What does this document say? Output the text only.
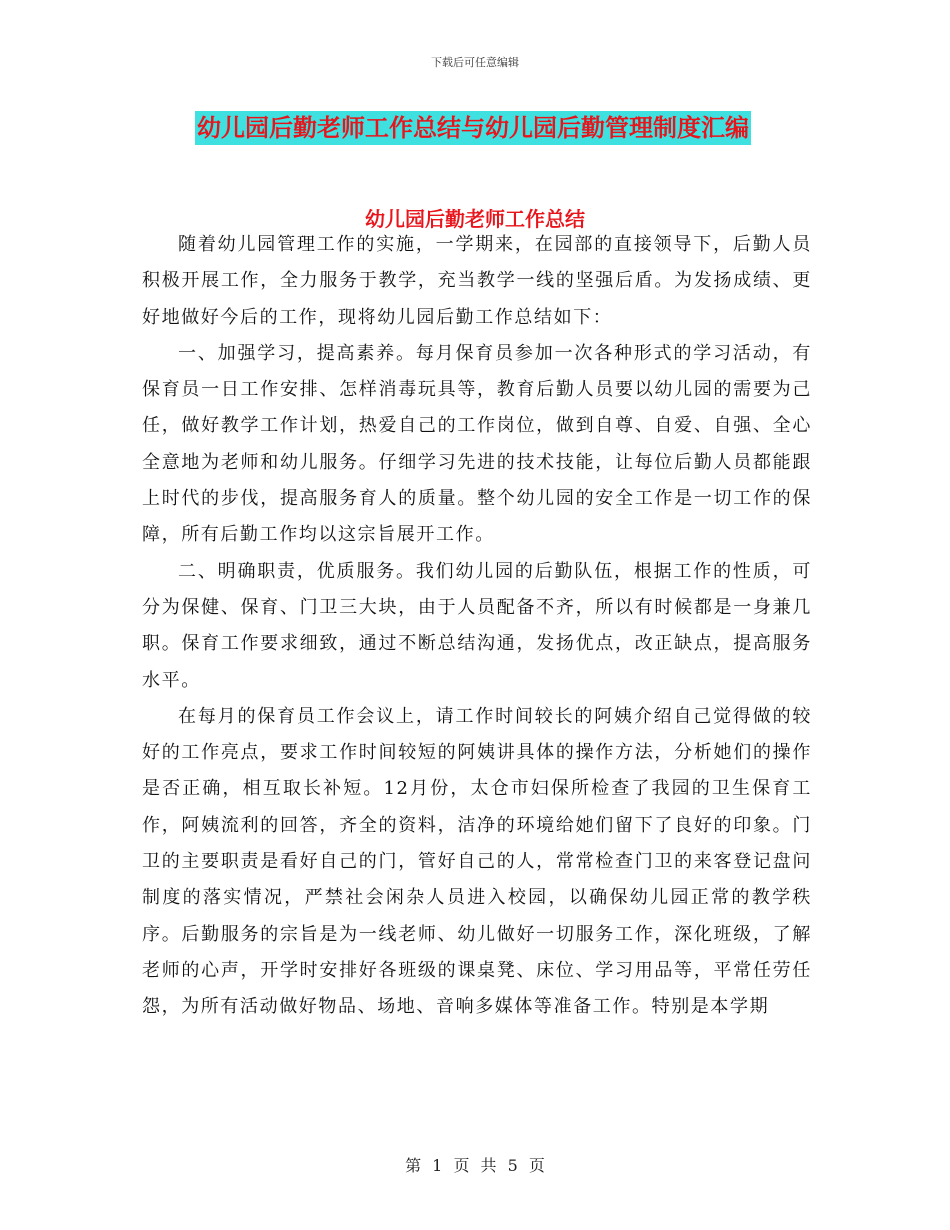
下载后可任意编辑
幼儿园后勤老师工作总结与幼儿园后勤管理制度汇编
幼儿园后勤老师工作总结

随着幼儿园管理工作的实施，一学期来，在园部的直接领导下，后勤人员积极开展工作，全力服务于教学，充当教学一线的坚强后盾。为发扬成绩、更好地做好今后的工作，现将幼儿园后勤工作总结如下：

一、加强学习，提高素养。每月保育员参加一次各种形式的学习活动，有保育员一日工作安排、怎样消毒玩具等，教育后勤人员要以幼儿园的需要为己任，做好教学工作计划，热爱自己的工作岗位，做到自尊、自爱、自强、全心全意地为老师和幼儿服务。仔细学习先进的技术技能，让每位后勤人员都能跟上时代的步伐，提高服务育人的质量。整个幼儿园的安全工作是一切工作的保障，所有后勤工作均以这宗旨展开工作。

二、明确职责，优质服务。我们幼儿园的后勤队伍，根据工作的性质，可分为保健、保育、门卫三大块，由于人员配备不齐，所以有时候都是一身兼几职。保育工作要求细致，通过不断总结沟通，发扬优点，改正缺点，提高服务水平。

在每月的保育员工作会议上，请工作时间较长的阿姨介绍自己觉得做的较好的工作亮点，要求工作时间较短的阿姨讲具体的操作方法，分析她们的操作是否正确，相互取长补短。12月份，太仓市妇保所检查了我园的卫生保育工作，阿姨流利的回答，齐全的资料，洁净的环境给她们留下了良好的印象。门卫的主要职责是看好自己的门，管好自己的人，常常检查门卫的来客登记盘问制度的落实情况，严禁社会闲杂人员进入校园，以确保幼儿园正常的教学秩序。后勤服务的宗旨是为一线老师、幼儿做好一切服务工作，深化班级，了解老师的心声，开学时安排好各班级的课桌凳、床位、学习用品等，平常任劳任怨，为所有活动做好物品、场地、音响多媒体等准备工作。特别是本学期

第 1 页 共 5 页
